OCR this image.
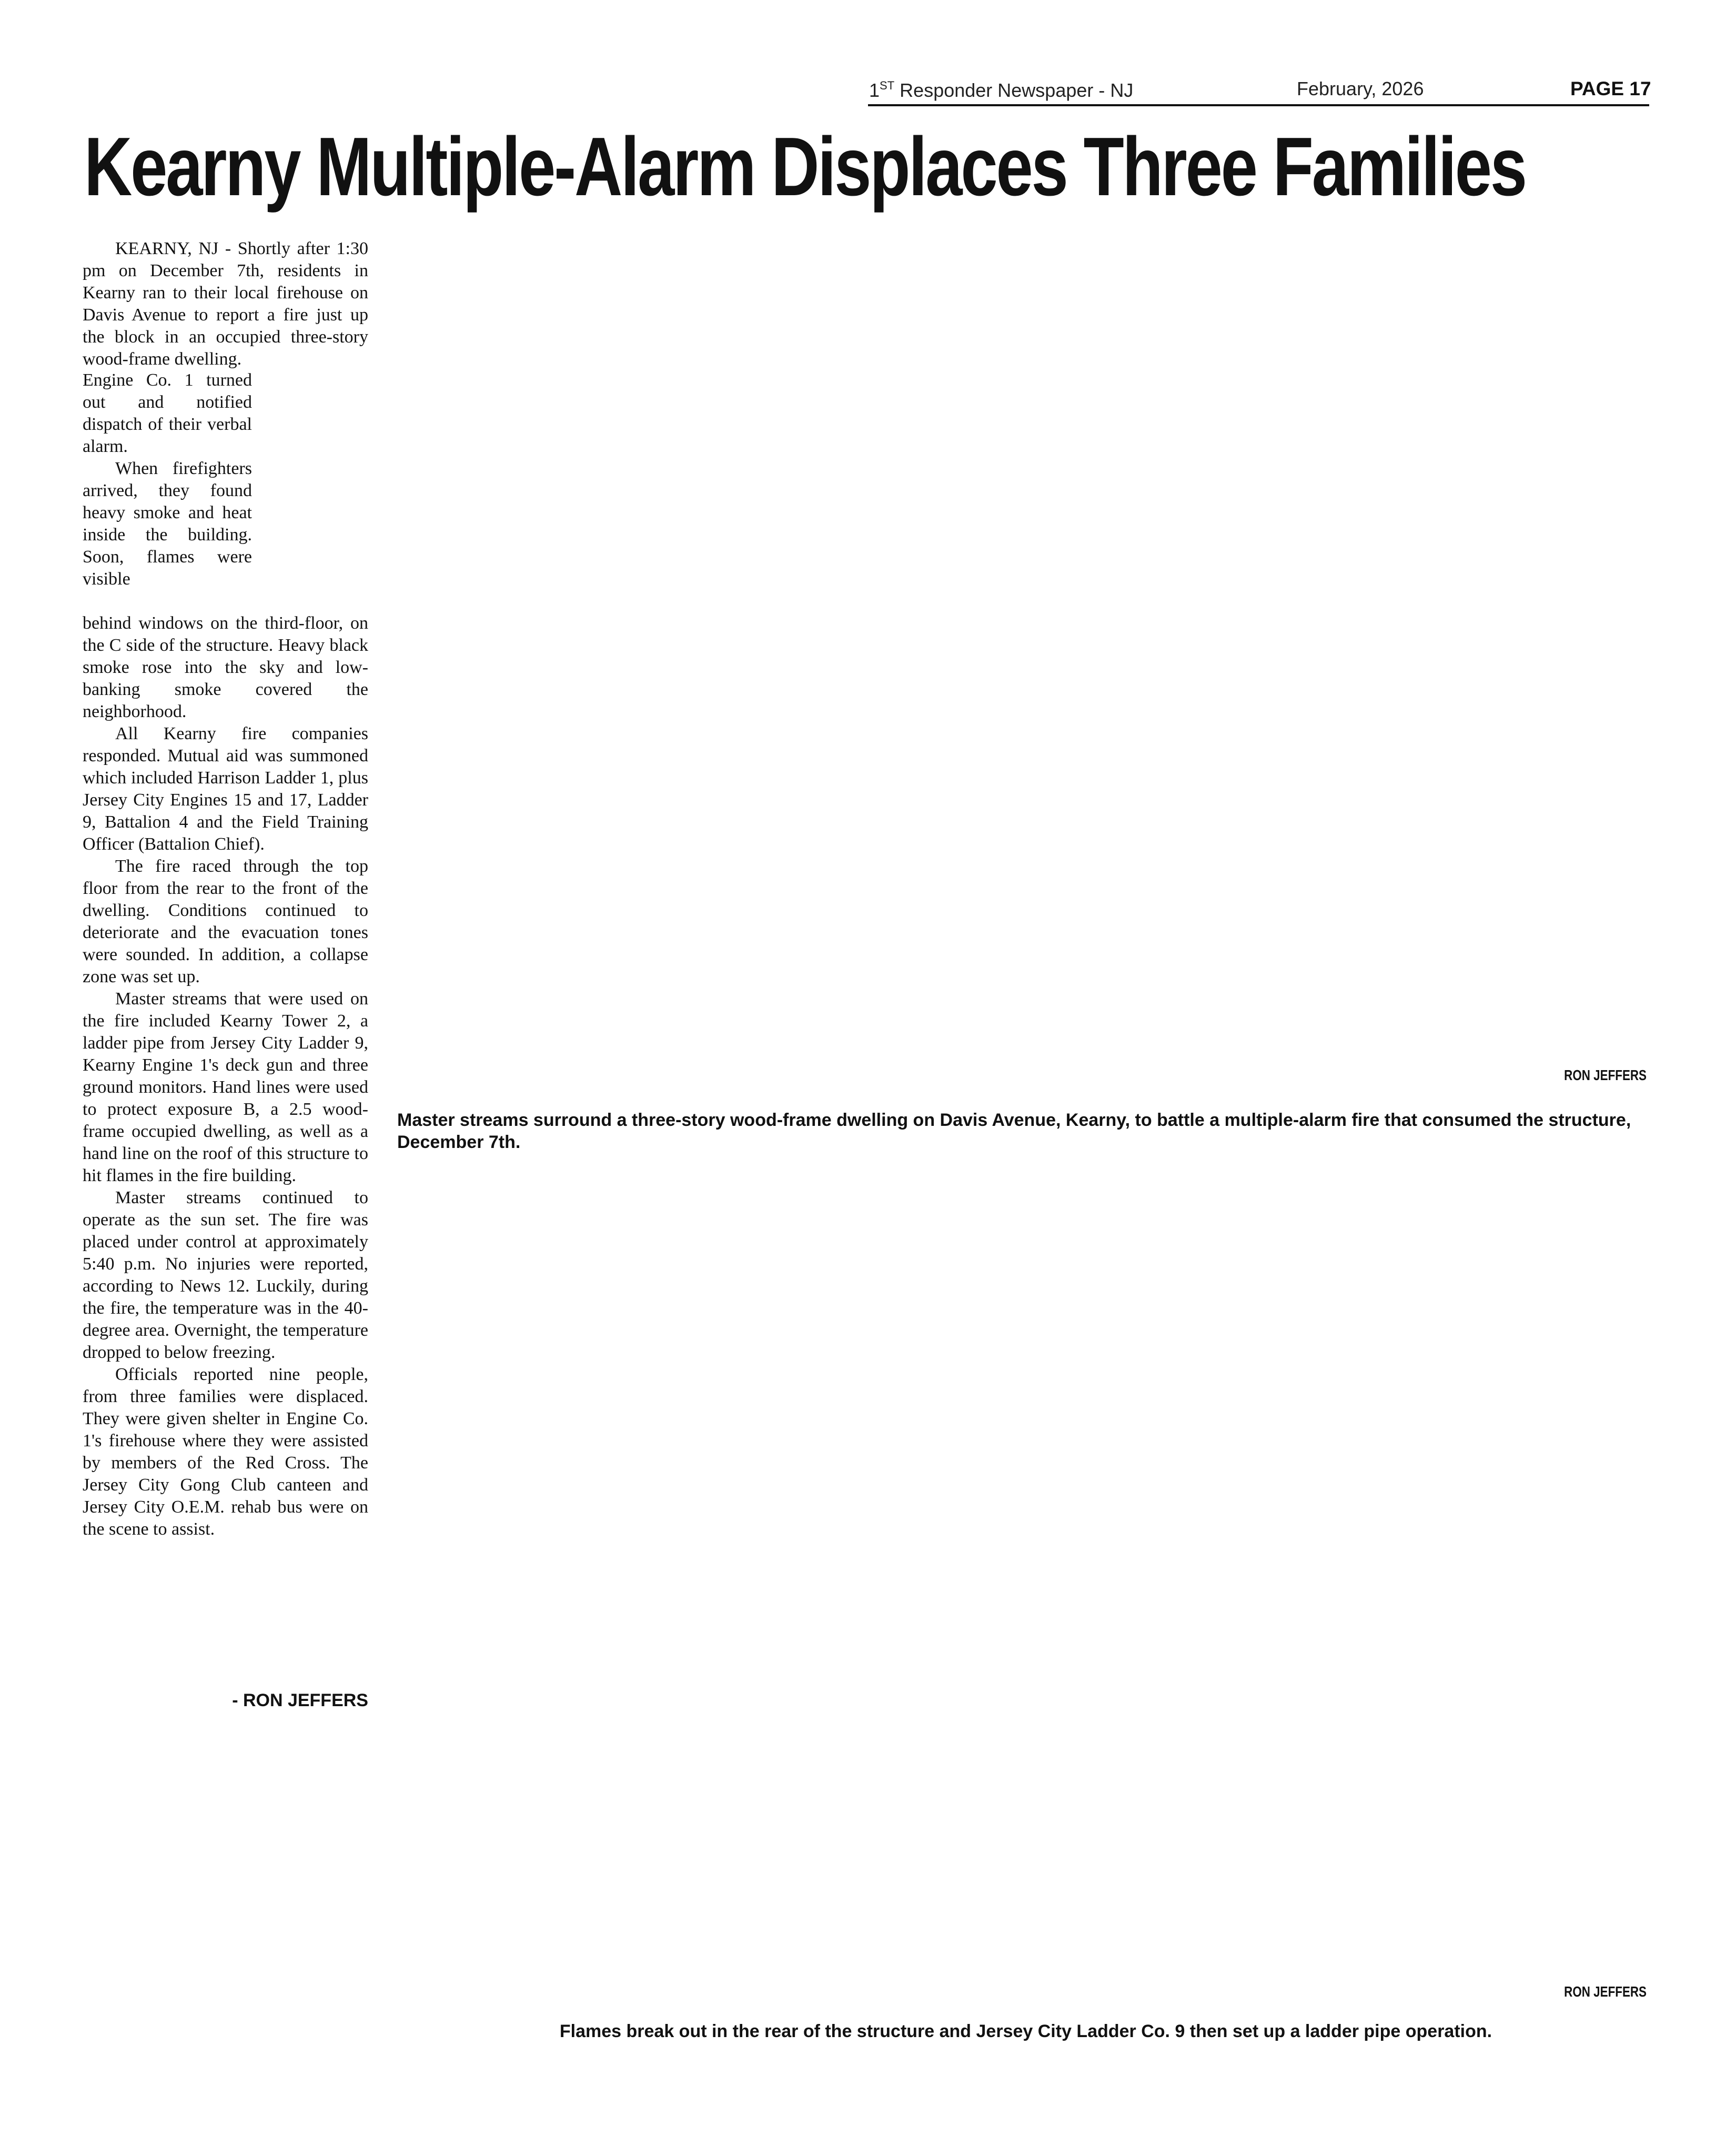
1ST Responder Newspaper - NJ	February, 2026	PAGE 17
Kearny Multiple-Alarm Displaces Three Families

KEARNY, NJ - Shortly after 1:30 pm on December 7th, residents in Kearny ran to their local firehouse on Davis Avenue to report a fire just up the block in an occupied three-story wood-frame dwelling.

Engine Co. 1 turned out and notified dispatch of their verbal alarm.

When firefighters arrived, they found heavy smoke and heat inside the building. Soon, flames were visible

behind windows on the third-floor, on the C side of the structure. Heavy black smoke rose into the sky and low-banking smoke covered the neighborhood.

All Kearny fire companies responded. Mutual aid was summoned which included Harrison Ladder 1, plus Jersey City Engines 15 and 17, Ladder 9, Battalion 4 and the Field Training Officer (Battalion Chief).

The fire raced through the top floor from the rear to the front of the dwelling. Conditions continued to deteriorate and the evacuation tones were sounded. In addition, a collapse zone was set up.

Master streams that were used on the fire included Kearny Tower 2, a ladder pipe from Jersey City Ladder 9, Kearny Engine 1's deck gun and three ground monitors. Hand lines were used to protect exposure B, a 2.5 wood-frame occupied dwelling, as well as a hand line on the roof of this structure to hit flames in the fire building.

Master streams continued to operate as the sun set. The fire was placed under control at approximately 5:40 p.m. No injuries were reported, according to News 12. Luckily, during the fire, the temperature was in the 40-degree area. Overnight, the temperature dropped to below freezing.

Officials reported nine people, from three families were displaced. They were given shelter in Engine Co. 1's firehouse where they were assisted by members of the Red Cross. The Jersey City Gong Club canteen and Jersey City O.E.M. rehab bus were on the scene to assist.

- RON JEFFERS
RON JEFFERS
Master streams surround a three-story wood-frame dwelling on Davis Avenue, Kearny, to battle a multiple-alarm fire that consumed the structure, December 7th.
RON JEFFERS
Flames break out in the rear of the structure and Jersey City Ladder Co. 9 then set up a ladder pipe operation.
